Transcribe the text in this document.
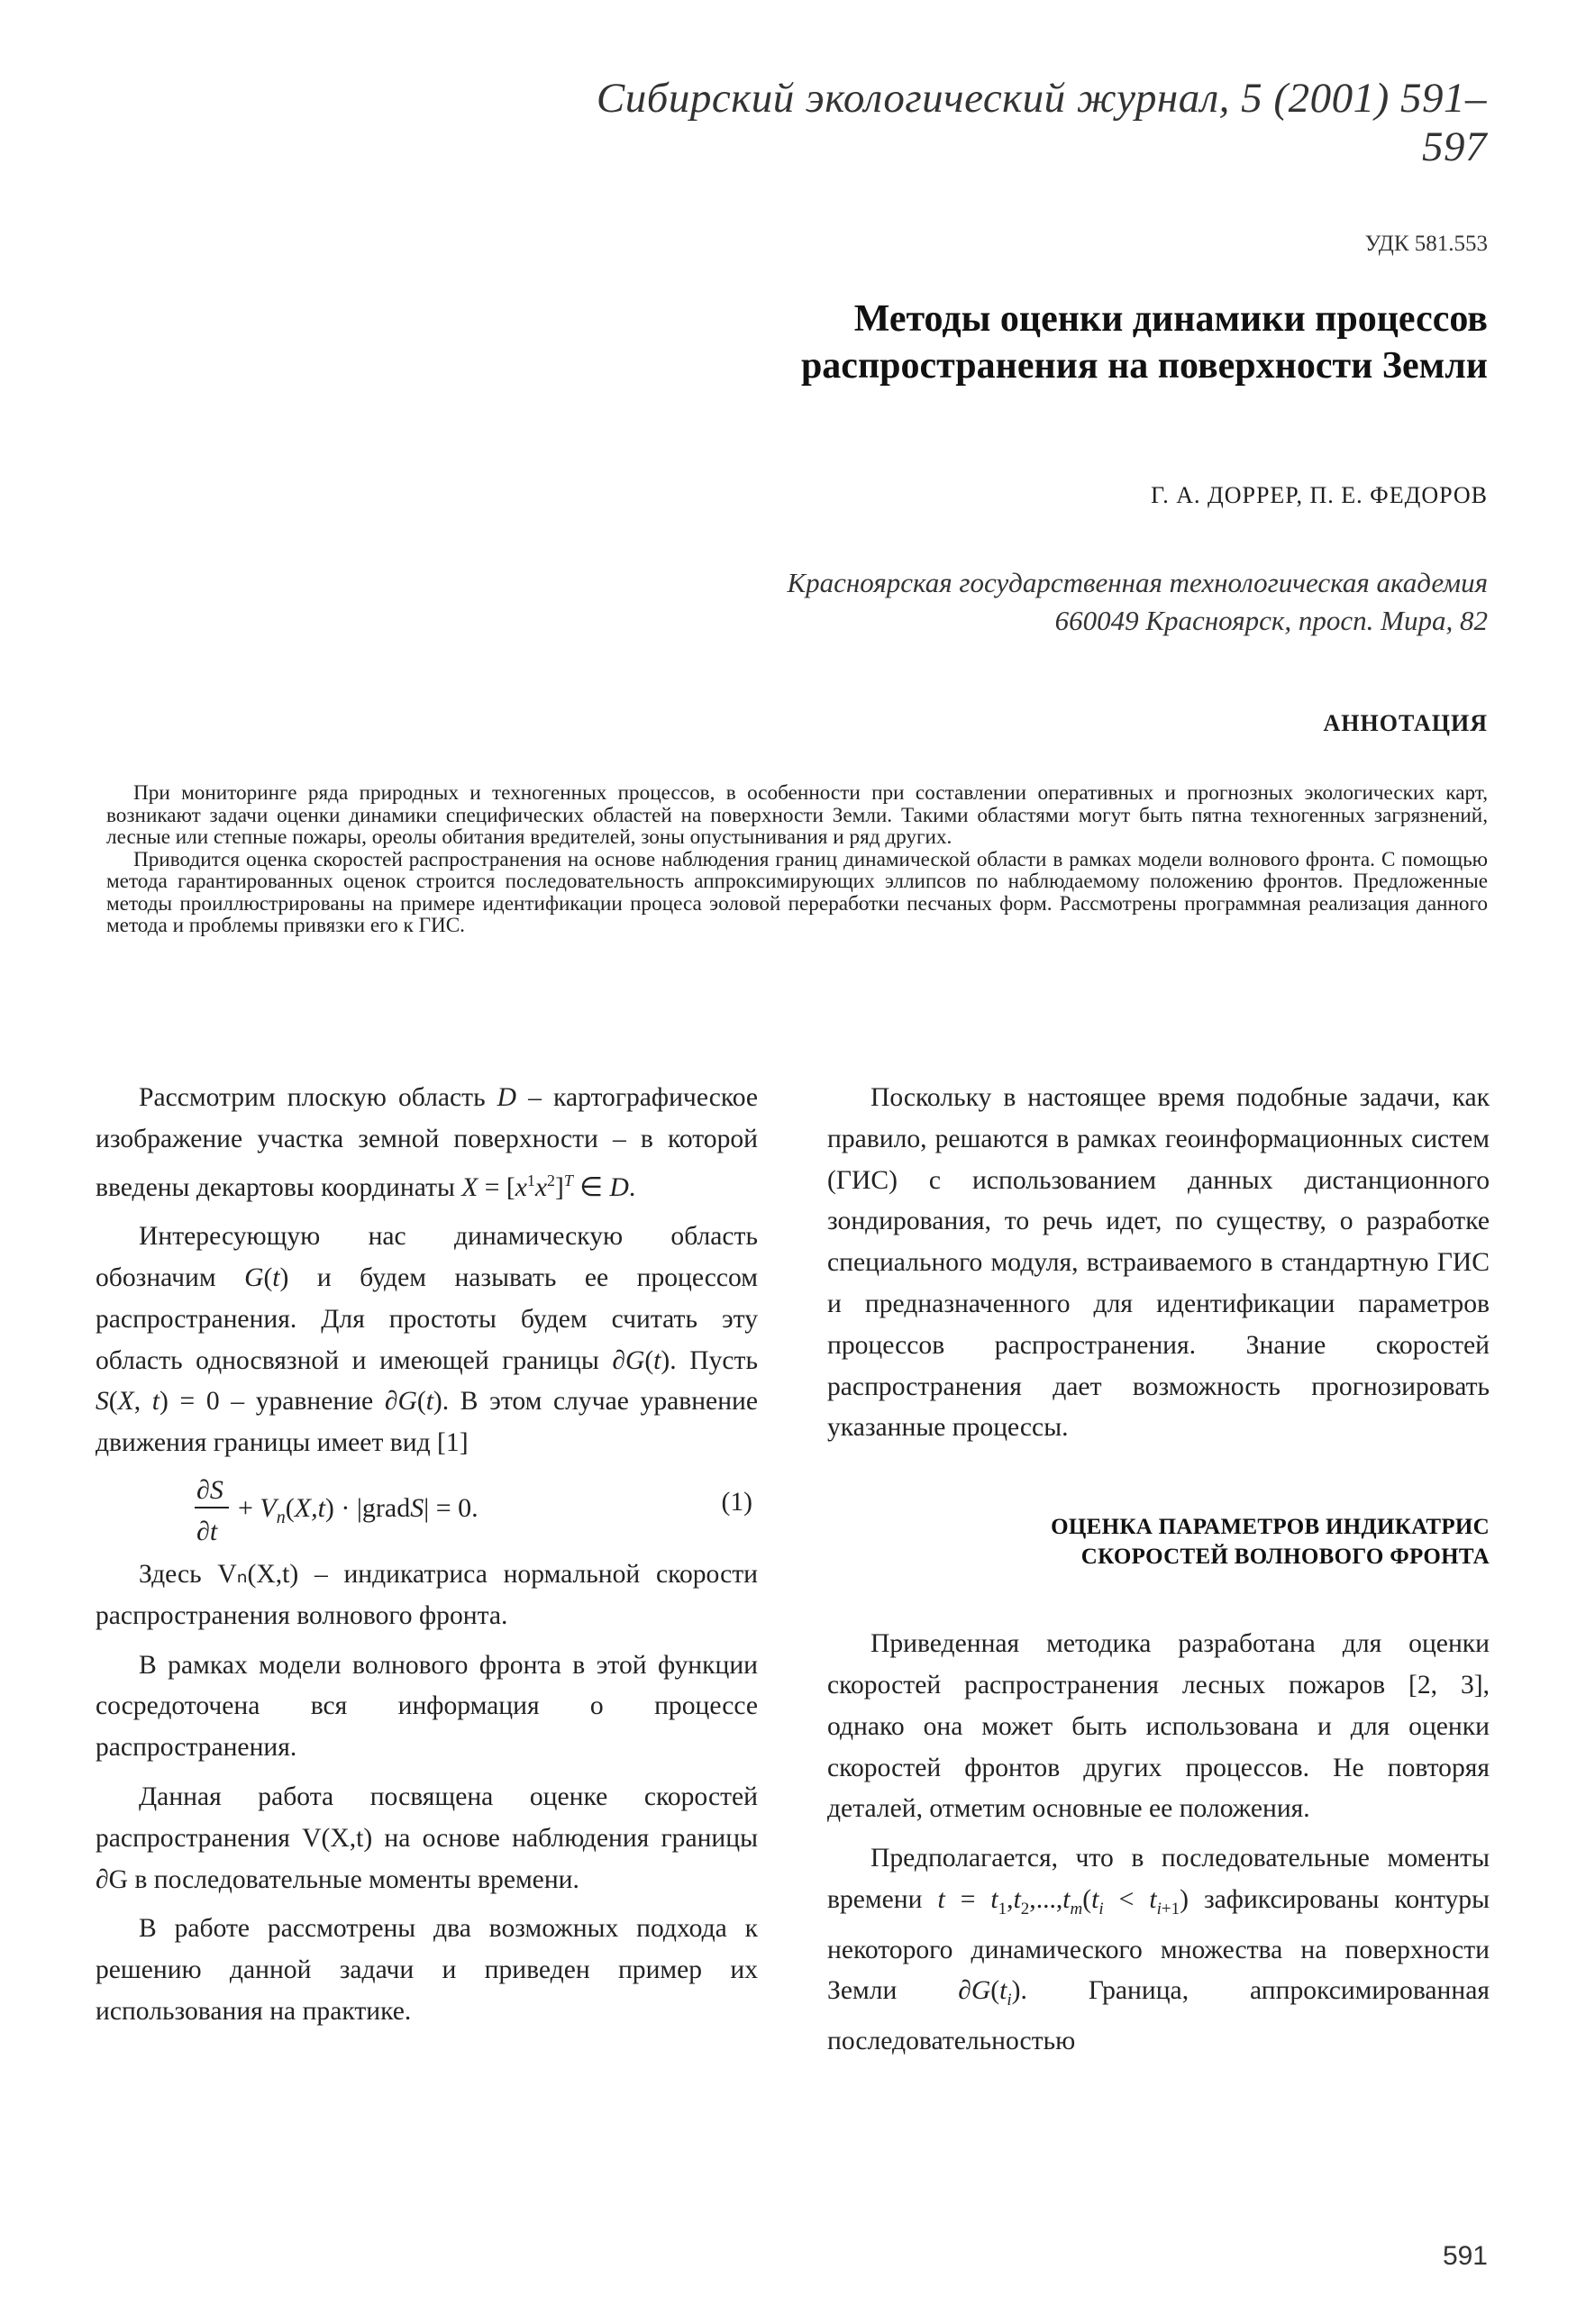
Сибирский экологический журнал, 5 (2001) 591–597
УДК 581.553
Методы оценки динамики процессов
распространения на поверхности Земли
Г. А. ДОРРЕР, П. Е. ФЕДОРОВ
Красноярская государственная технологическая академия
660049 Красноярск, просп. Мира, 82
АННОТАЦИЯ

При мониторинге ряда природных и техногенных процессов, в особенности при составлении оперативных и прогнозных экологических карт, возникают задачи оценки динамики специфических областей на поверхности Земли. Такими областями могут быть пятна техногенных загрязнений, лесные или степные пожары, ореолы обитания вредителей, зоны опустынивания и ряд других.

Приводится оценка скоростей распространения на основе наблюдения границ динамической области в рамках модели волнового фронта. С помощью метода гарантированных оценок строится последовательность аппроксимирующих эллипсов по наблюдаемому положению фронтов. Предложенные методы проиллюстрированы на примере идентификации процеса эоловой переработки песчаных форм. Рассмотрены программная реализация данного метода и проблемы привязки его к ГИС.

Рассмотрим плоскую область D – картографическое изображение участка земной поверхности – в которой введены декартовы координаты $X = [x^1x^2]^T$ ∈ D.

Интересующую нас динамическую область обозначим G(t) и будем называть ее процессом распространения. Для простоты будем считать эту область односвязной и имеющей границы ∂G(t). Пусть S(X, t) = 0 – уравнение ∂G(t). В этом случае уравнение движения границы имеет вид [1]

∂S
∂t
+ $V_n(X,t)$ · |gradS| = 0.	(1)

Здесь Vₙ(X,t) – индикатриса нормальной скорости распространения волнового фронта.

В рамках модели волнового фронта в этой функции сосредоточена вся информация о процессе распространения.

Данная работа посвящена оценке скоростей распространения V(X,t) на основе наблюдения границы ∂G в последовательные моменты времени.

В работе рассмотрены два возможных подхода к решению данной задачи и приведен пример их использования на практике.

Поскольку в настоящее время подобные задачи, как правило, решаются в рамках геоинформационных систем (ГИС) с использованием данных дистанционного зондирования, то речь идет, по существу, о разработке специального модуля, встраиваемого в стандартную ГИС и предназначенного для идентификации параметров процессов распространения. Знание скоростей распространения дает возможность прогнозировать указанные процессы.

ОЦЕНКА ПАРАМЕТРОВ ИНДИКАТРИС
СКОРОСТЕЙ ВОЛНОВОГО ФРОНТА

Приведенная методика разработана для оценки скоростей распространения лесных пожаров [2, 3], однако она может быть использована и для оценки скоростей фронтов других процессов. Не повторяя деталей, отметим основные ее положения.

Предполагается, что в последовательные моменты времени $t = t_1,t_2,...,t_m(t_i < t_{i+1})$ зафиксированы контуры некоторого динамического множества на поверхности Земли $\partial G(t_i)$. Граница, аппроксимированная последовательностью

591
